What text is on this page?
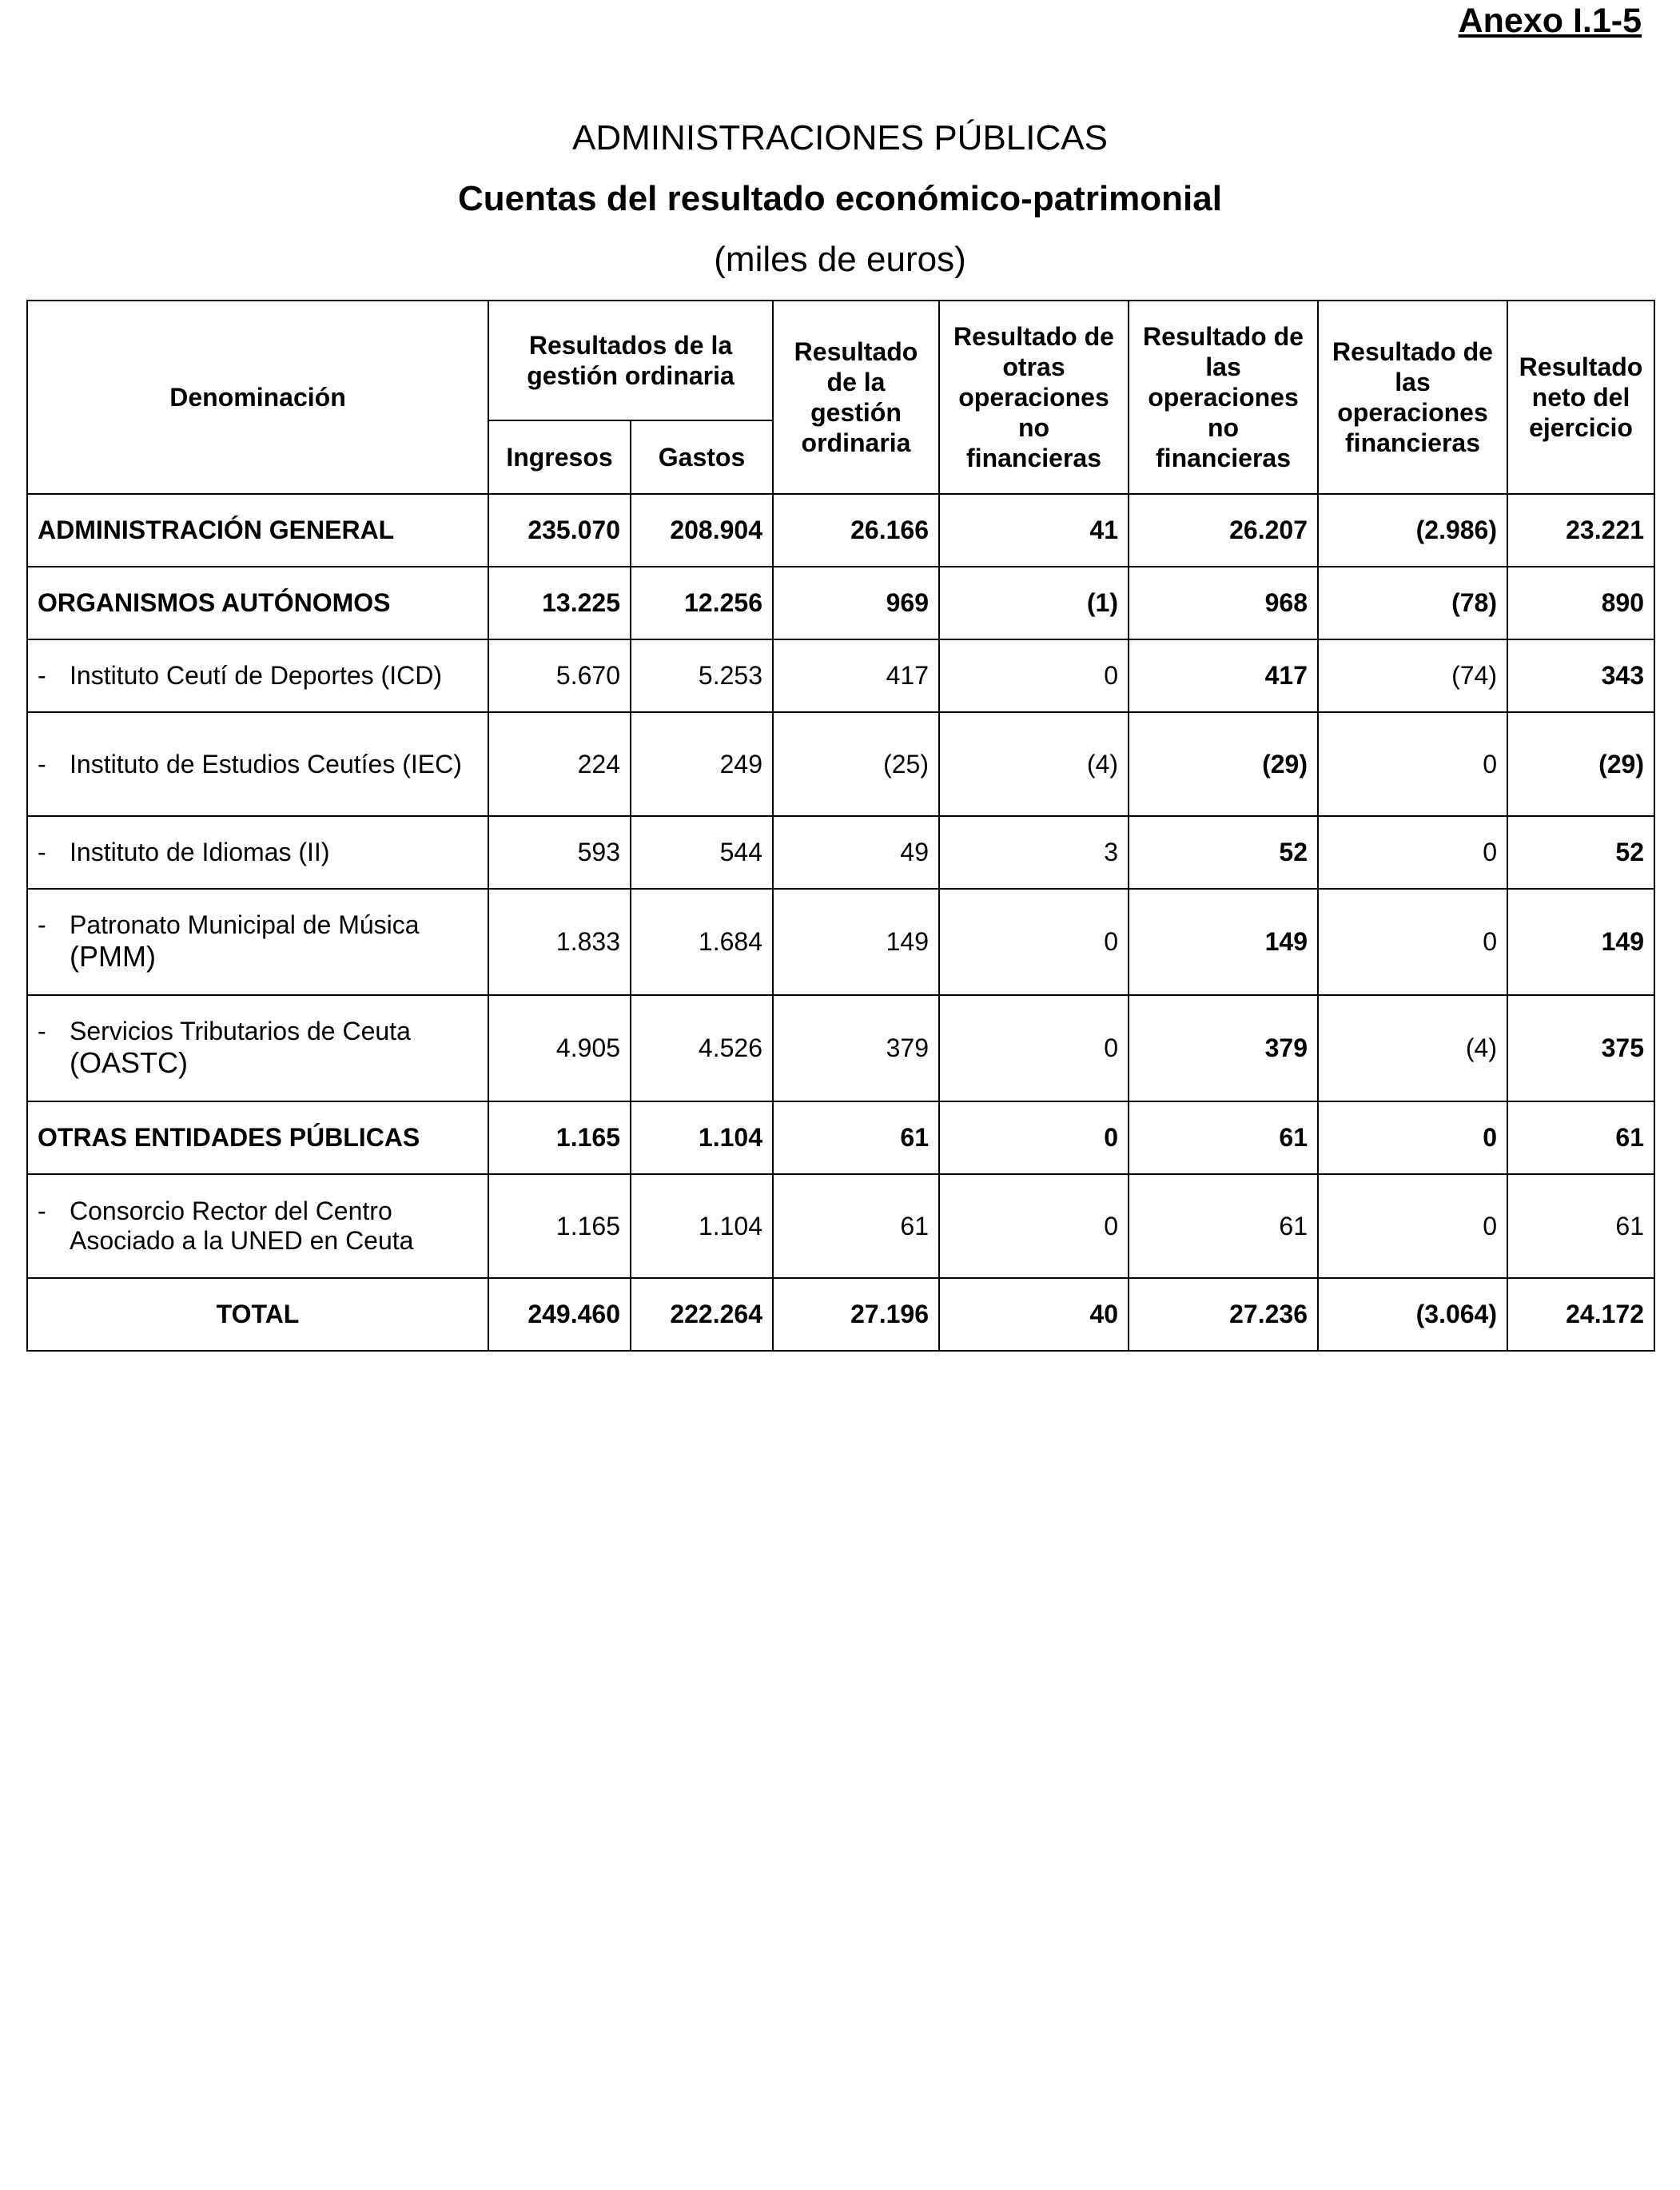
Anexo I.1-5
ADMINISTRACIONES PÚBLICAS
Cuentas del resultado económico-patrimonial
(miles de euros)
Denominación	Resultados de la gestión ordinaria		Resultado de la gestión ordinaria	Resultado de otras operaciones no financieras	Resultado de las operaciones no financieras	Resultado de las operaciones financieras	Resultado neto del ejercicio
	Ingresos	Gastos					
ADMINISTRACIÓN GENERAL	235.070	208.904	26.166	41	26.207	(2.986)	23.221
ORGANISMOS AUTÓNOMOS	13.225	12.256	969	(1)	968	(78)	890

- Instituto Ceutí de Deportes (ICD)	5.670	5.253	417	0	417	(74)	343

- Instituto de Estudios Ceutíes (IEC)	224	249	(25)	(4)	(29)	0	(29)

- Instituto de Idiomas (II)	593	544	49	3	52	0	52

- Patronato Municipal de Música
(PMM)	1.833	1.684	149	0	149	0	149

- Servicios Tributarios de Ceuta
(OASTC)	4.905	4.526	379	0	379	(4)	375
OTRAS ENTIDADES PÚBLICAS	1.165	1.104	61	0	61	0	61

- Consorcio Rector del Centro Asociado a la UNED en Ceuta	1.165	1.104	61	0	61	0	61
TOTAL	249.460	222.264	27.196	40	27.236	(3.064)	24.172
